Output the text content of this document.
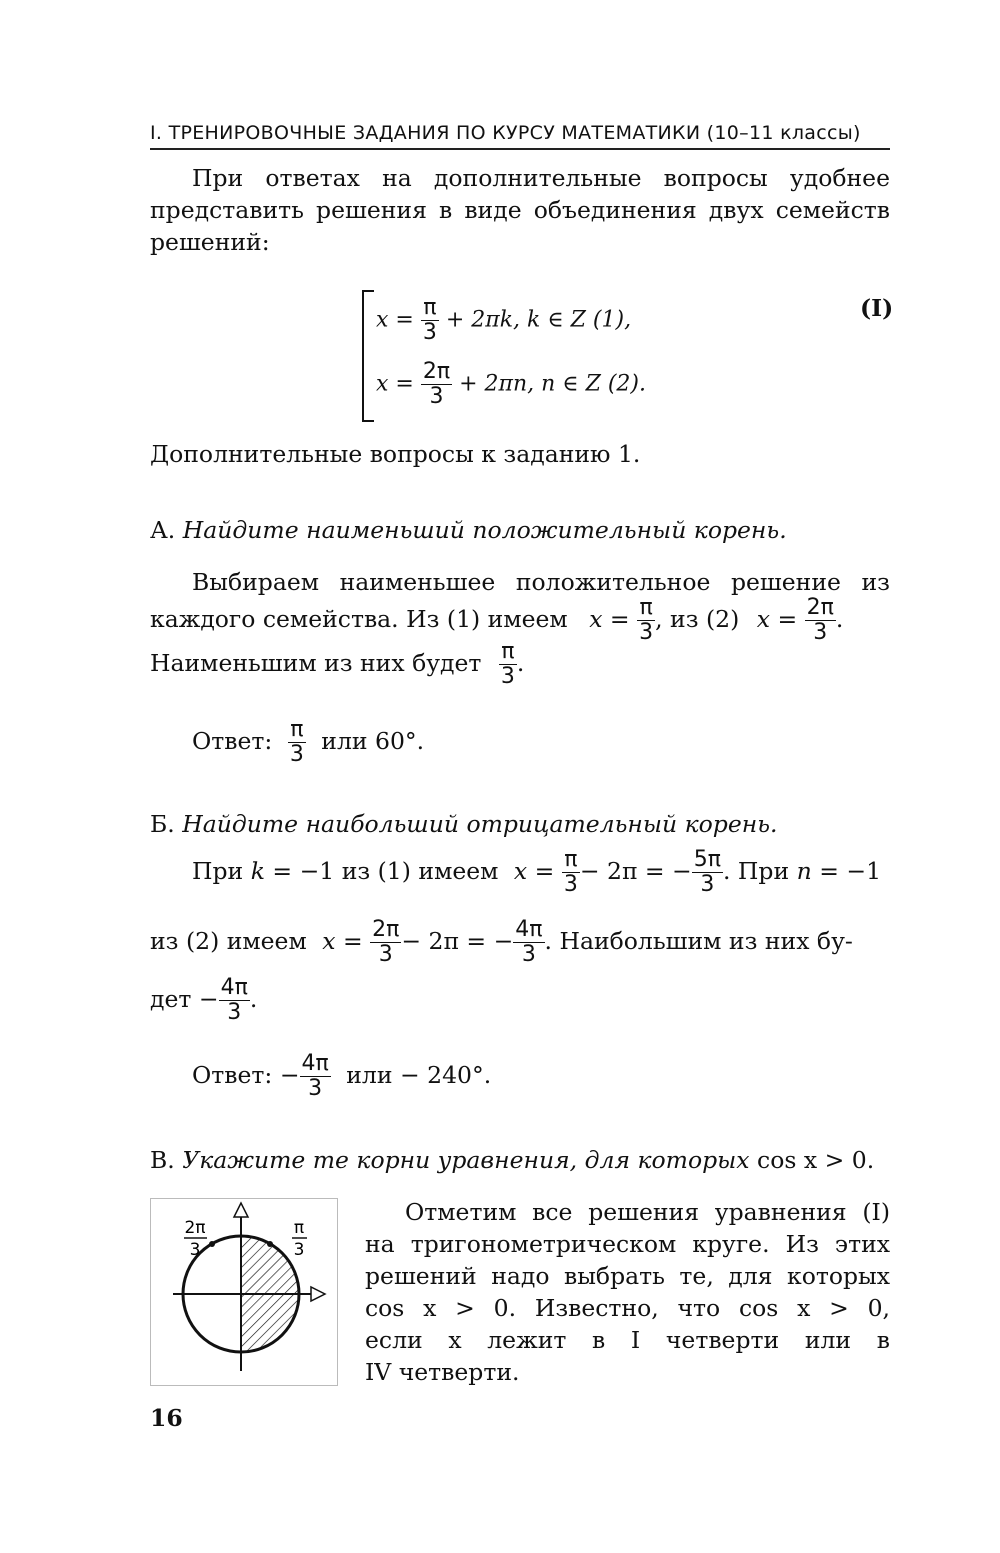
I. ТРЕНИРОВОЧНЫЕ ЗАДАНИЯ ПО КУРСУ МАТЕМАТИКИ (10–11 классы)
При ответах на дополнительные вопросы удобнее
представить решения в виде объединения двух семейств
решений:
$x = \frac{\pi}{3} + 2\pi k$, k ∈ Z (1),
$x = \frac{2\pi}{3} + 2\pi n$, n ∈ Z (2).
(I)
Дополнительные вопросы к заданию 1.
А. Найдите наименьший положительный корень.
Выбираем наименьшее положительное решение из
каждого семейства. Из (1) имеем $x = \frac{\pi}{3}$ , из (2) $x = \frac{2\pi}{3}$ .
Наименьшим из них будет $\frac{\pi}{3}$ .
Ответ: $\frac{\pi}{3}$ или 60°.
Б. Найдите наибольший отрицательный корень.
При k = −1 из (1) имеем $x = \frac{\pi}{3} - 2\pi$ = − $\frac{5\pi}{3}$ . При n = −1
из (2) имеем $x = \frac{2\pi}{3} - 2\pi$ = − $\frac{4\pi}{3}$ . Наибольшим из них бу-
дет − $\frac{4\pi}{3}$ .
Ответ: − $\frac{4\pi}{3}$ или − 240°.
В. Укажите те корни уравнения, для которых cos x > 0.
2π
3
π
3
Отметим все решения уравнения (I)
на тригонометрическом круге. Из этих
решений надо выбрать те, для которых
cos x > 0. Известно, что cos x > 0,
если x лежит в I четверти или в
IV четверти.
16
